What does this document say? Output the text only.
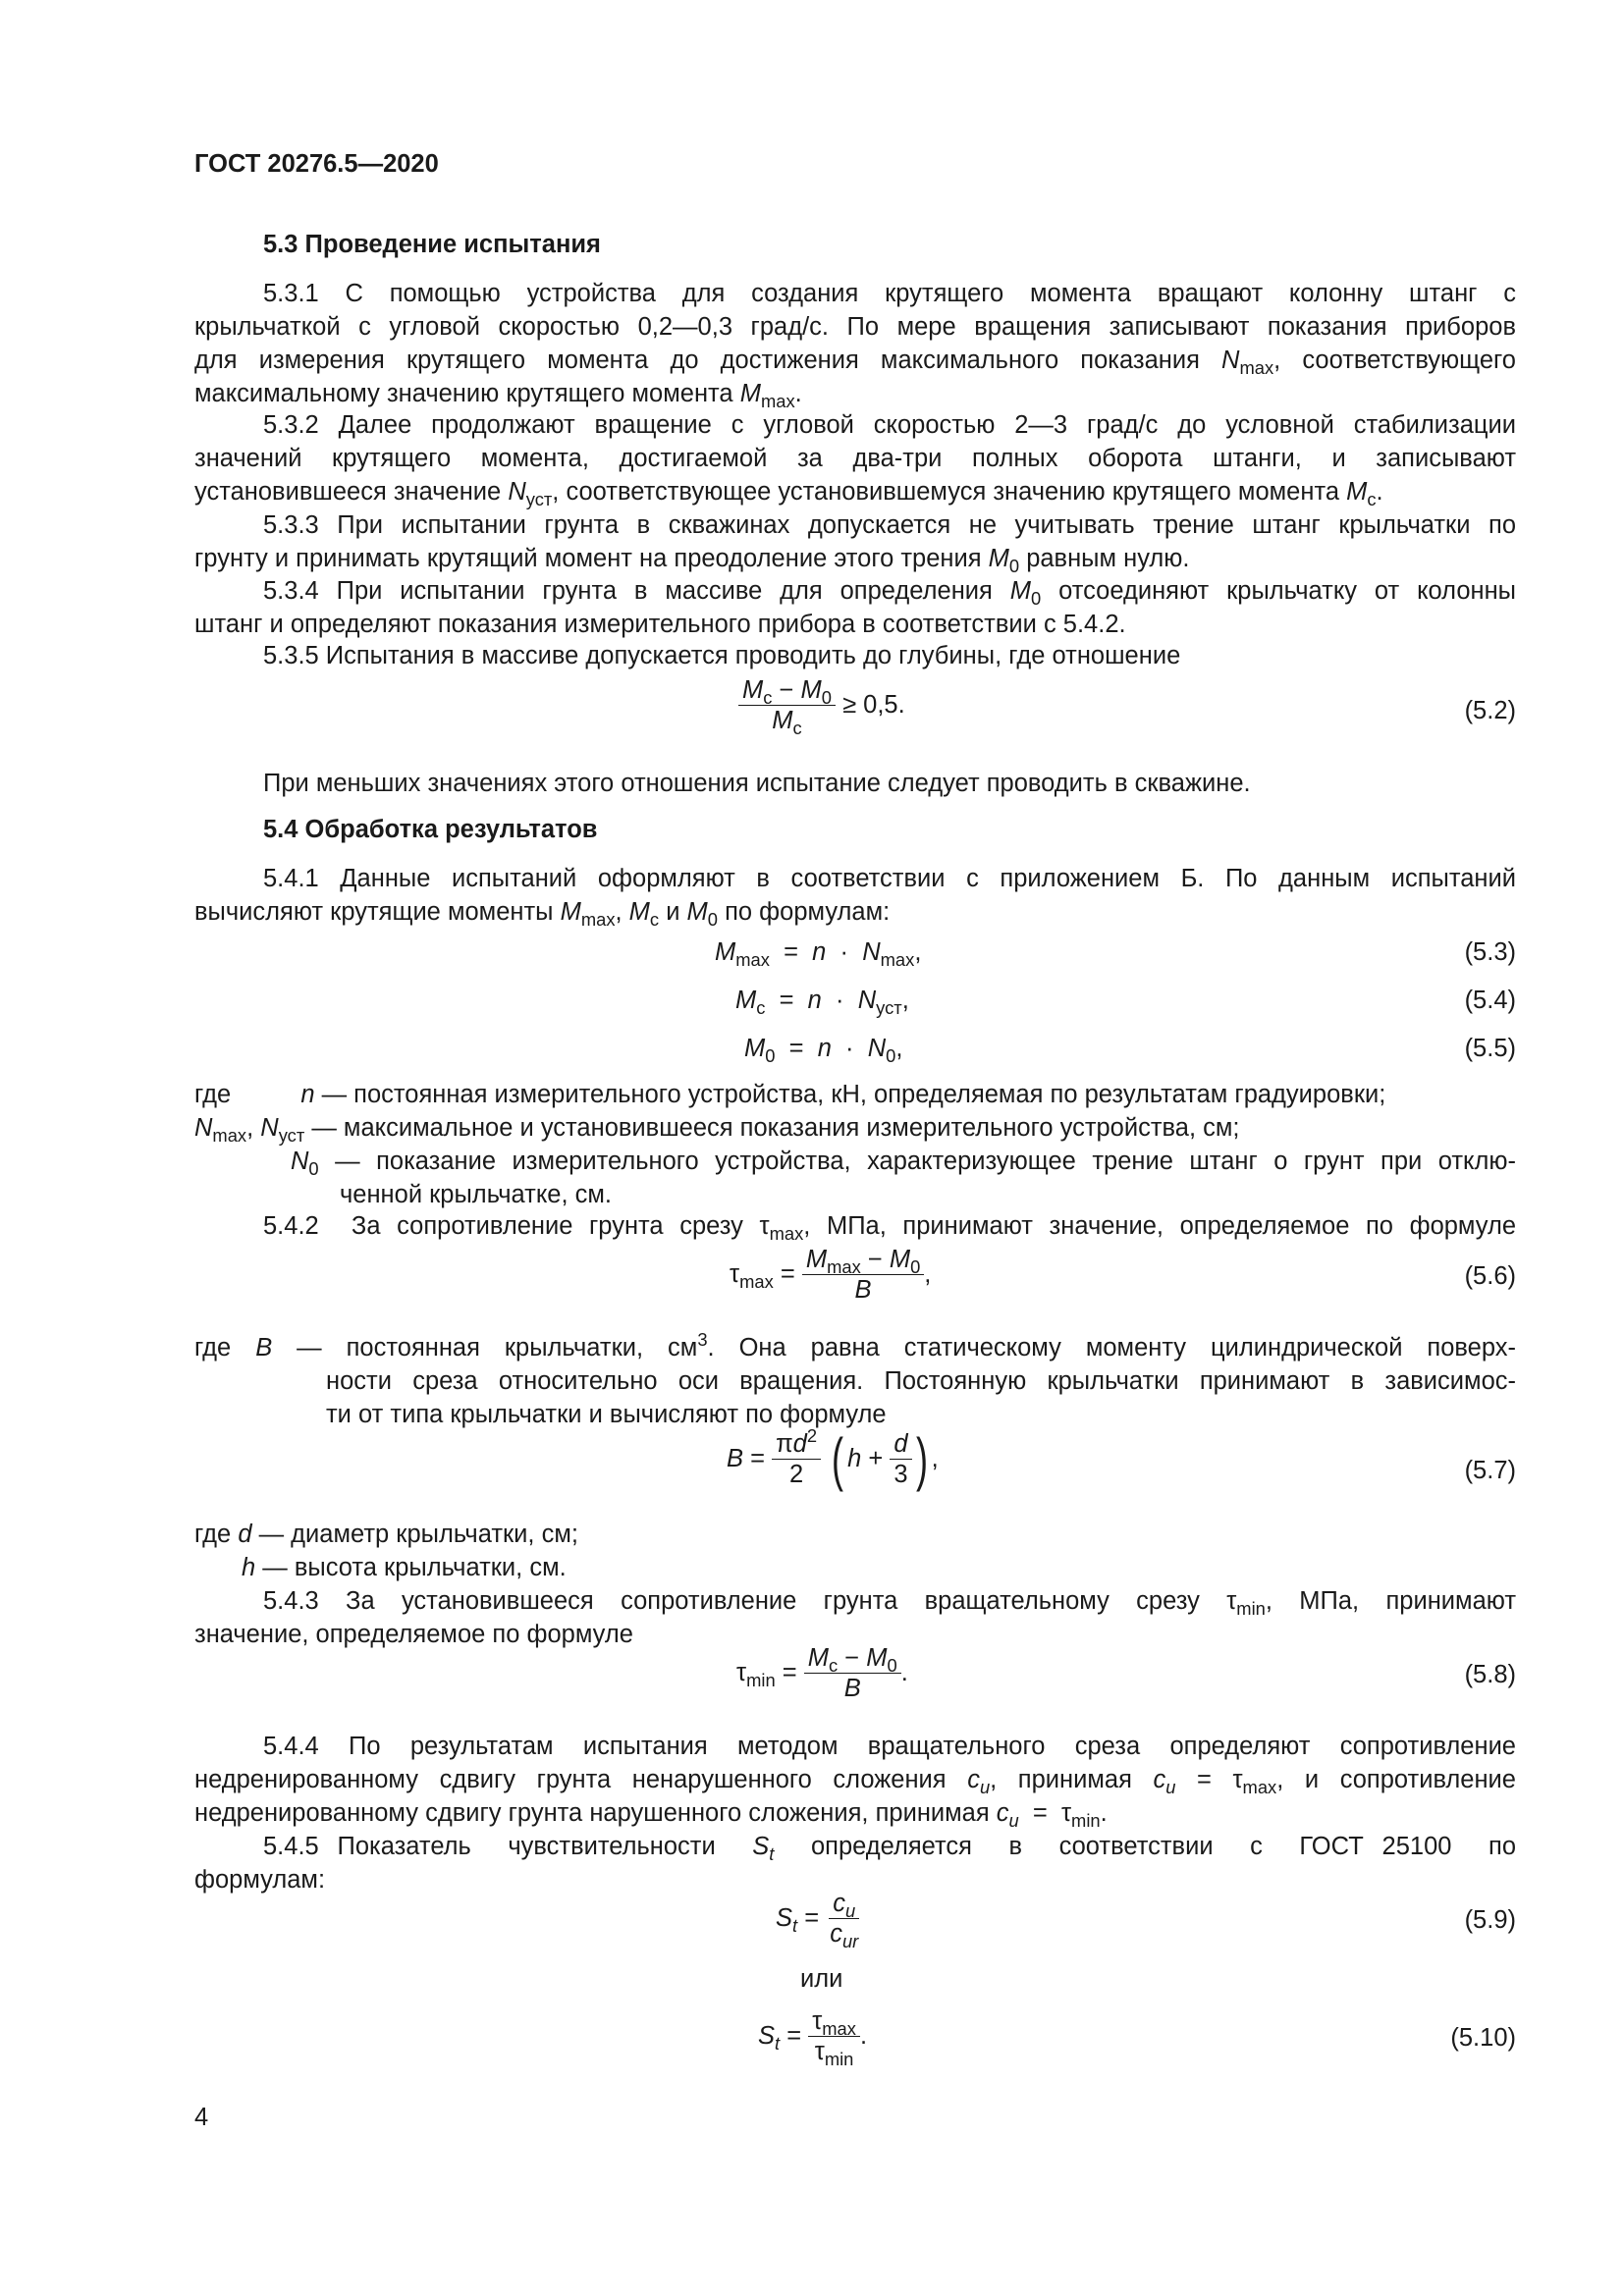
ГОСТ 20276.5—2020
5.3 Проведение испытания
5.3.1 С помощью устройства для создания крутящего момента вращают колонну штанг с
крыльчаткой с угловой скоростью 0,2—0,3 град/с. По мере вращения записывают показания приборов
для измерения крутящего момента до достижения максимального показания $N_{max}$, соответствующего
максимальному значению крутящего момента $M_{max}$.
5.3.2 Далее продолжают вращение с угловой скоростью 2—3 град/с до условной стабилизации
значений крутящего момента, достигаемой за два-три полных оборота штанги, и записывают
установившееся значение $N_{уст}$, соответствующее установившемуся значению крутящего момента $M_с$.
5.3.3 При испытании грунта в скважинах допускается не учитывать трение штанг крыльчатки по
грунту и принимать крутящий момент на преодоление этого трения $M_0$ равным нулю.
5.3.4 При испытании грунта в массиве для определения $M_0$ отсоединяют крыльчатку от колонны
штанг и определяют показания измерительного прибора в соответствии с 5.4.2.
5.3.5 Испытания в массиве допускается проводить до глубины, где отношение
$\frac{M_с - M_0}{M_с} \ge 0,5$.	(5.2)
При меньших значениях этого отношения испытание следует проводить в скважине.
5.4 Обработка результатов
5.4.1 Данные испытаний оформляют в соответствии с приложением Б. По данным испытаний
вычисляют крутящие моменты $M_{max}$, $M_с$ и $M_0$ по формулам:
$M_{max} = n \cdot N_{max}$,	(5.3)
$M_с = n \cdot N_{уст}$,	(5.4)
$M_0 = n \cdot N_0$,	(5.5)
где	n — постоянная измерительного устройства, кН, определяемая по результатам градуировки;
$N_{max}$, $N_{уст}$ — максимальное и установившееся показания измерительного устройства, см;
$N_0$ — показание измерительного устройства, характеризующее трение штанг о грунт при отклю-
ченной крыльчатке, см.
5.4.2  За сопротивление грунта срезу $\tau_{max}$, МПа, принимают значение, определяемое по формуле
$\tau_{max} = \frac{M_{max} - M_0}{B}$ ,	(5.6)
где B — постоянная крыльчатки, $см^3$. Она равна статическому моменту цилиндрической поверх-
ности среза относительно оси вращения. Постоянную крыльчатки принимают в зависимос-
ти от типа крыльчатки и вычисляют по формуле
$B = \frac{\pi d^2}{2}$ ( $h + \frac{d}{3}$ ) ,	(5.7)
где d — диаметр крыльчатки, см;
h — высота крыльчатки, см.
5.4.3 За установившееся сопротивление грунта вращательному срезу $\tau_{min}$, МПа, принимают
значение, определяемое по формуле
$\tau_{min} = \frac{M_с - M_0}{B}$ .	(5.8)
5.4.4 По результатам испытания методом вращательного среза определяют сопротивление
недренированному сдвигу грунта ненарушенного сложения $c_u$, принимая $c_u = \tau_{max}$, и сопротивление
недренированному сдвигу грунта нарушенного сложения, принимая $c_u = \tau_{min}$.
5.4.5 Показатель  чувствительности  $S_t$  определяется  в  соответствии  с  ГОСТ 25100  по
формулам:
$S_t = \frac{c_u}{c_{ur}}$	(5.9)
или
$S_t = \frac{\tau_{max}}{\tau_{min}}$ .	(5.10)
4
